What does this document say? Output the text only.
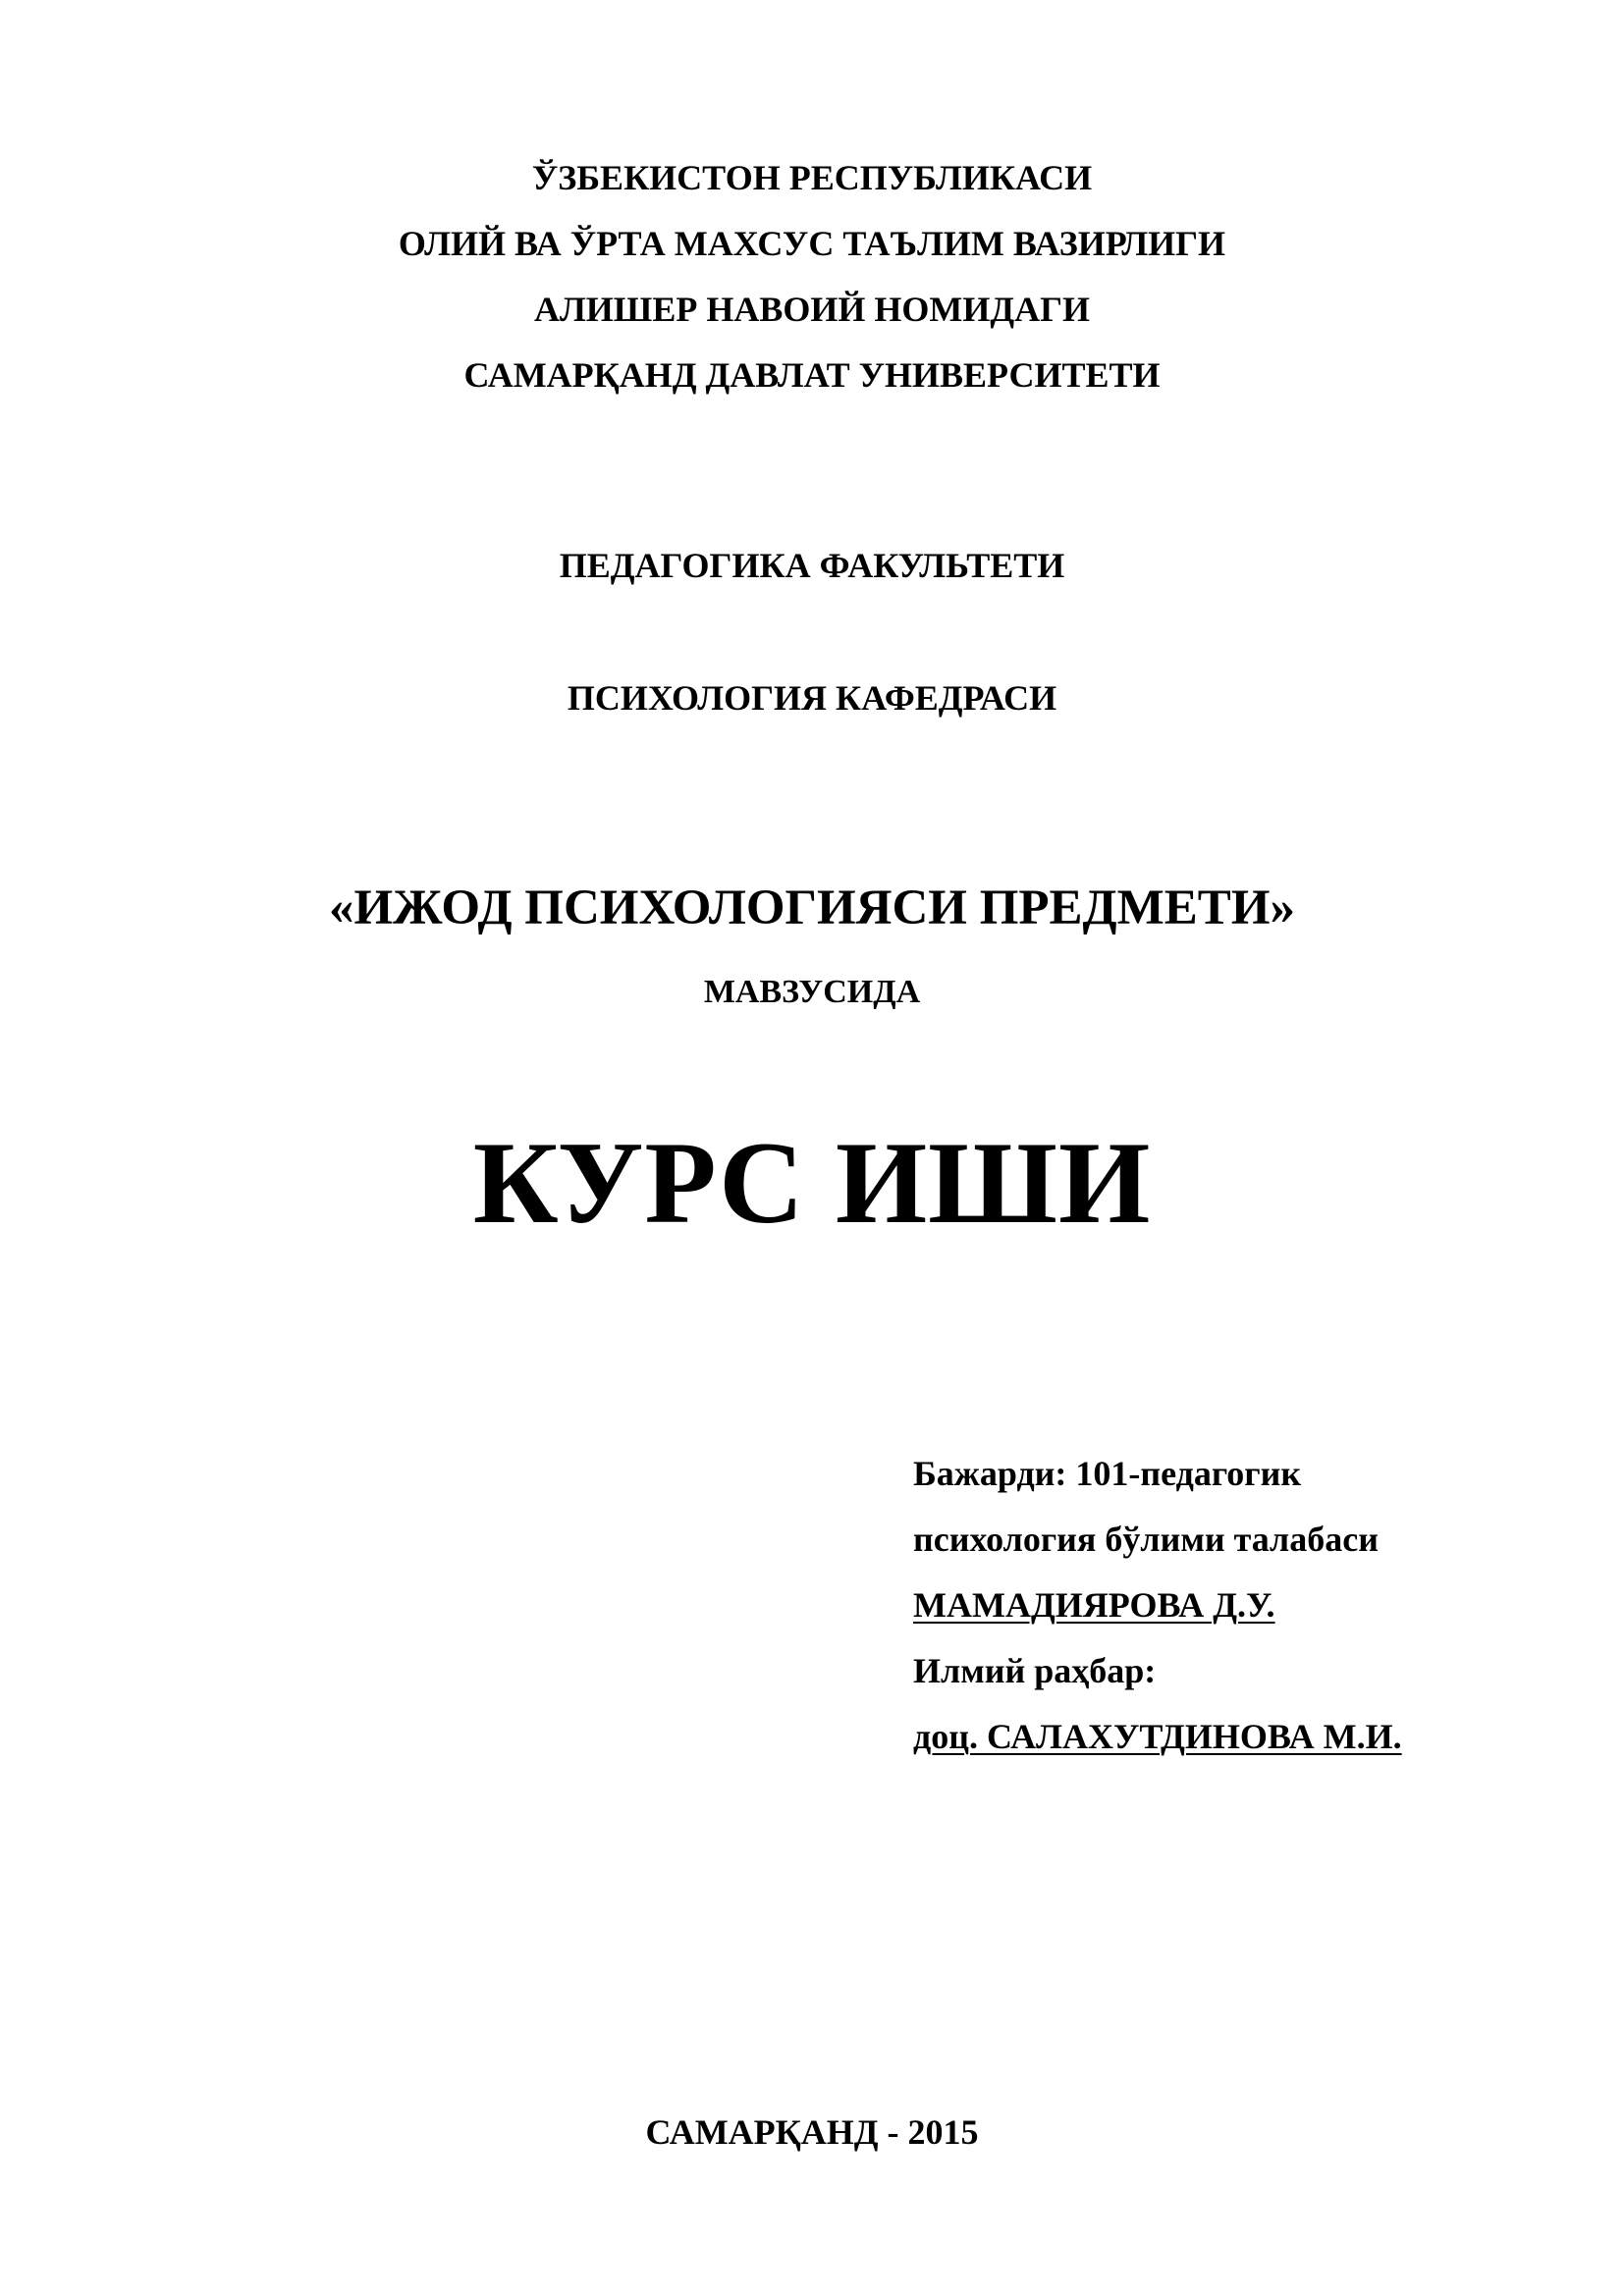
ЎЗБЕКИСТОН РЕСПУБЛИКАСИ
ОЛИЙ ВА ЎРТА МАХСУС ТАЪЛИМ ВАЗИРЛИГИ
АЛИШЕР НАВОИЙ НОМИДАГИ
САМАРҚАНД ДАВЛАТ УНИВЕРСИТЕТИ
ПЕДАГОГИКА ФАКУЛЬТЕТИ
ПСИХОЛОГИЯ КАФЕДРАСИ
«ИЖОД ПСИХОЛОГИЯСИ ПРЕДМЕТИ»
МАВЗУСИДА
КУРС ИШИ
Бажарди: 101-педагогик
психология бўлими талабаси
МАМАДИЯРОВА Д.У.
Илмий раҳбар:
доц. САЛАХУТДИНОВА М.И.
САМАРҚАНД - 2015
